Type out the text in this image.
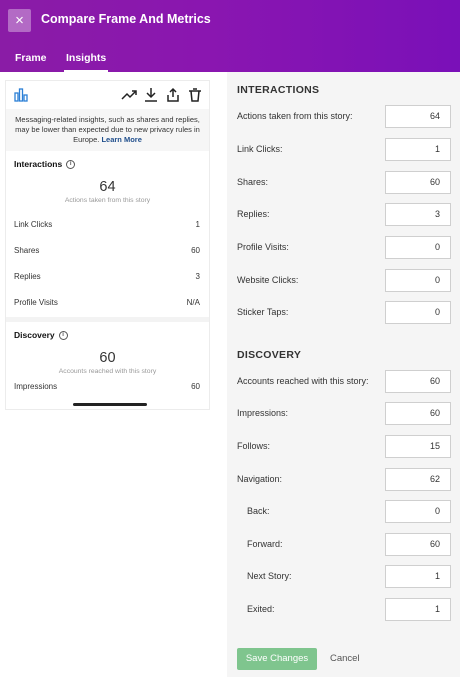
×	Compare Frame And Metrics
Frame Insights
Messaging-related insights, such as shares and replies, may be lower than expected due to new privacy rules in Europe. Learn More
Interactions	i
64
Actions taken from this story
Link Clicks	1
Shares	60
Replies	3
Profile Visits	N/A
Discovery	i
60
Accounts reached with this story
Impressions	60
INTERACTIONS
Actions taken from this story:	64
Link Clicks:	1
Shares:	60
Replies:	3
Profile Visits:	0
Website Clicks:	0
Sticker Taps:	0
DISCOVERY
Accounts reached with this story:	60
Impressions:	60
Follows:	15
Navigation:	62
Back:	0
Forward:	60
Next Story:	1
Exited:	1
Save Changes	Cancel
